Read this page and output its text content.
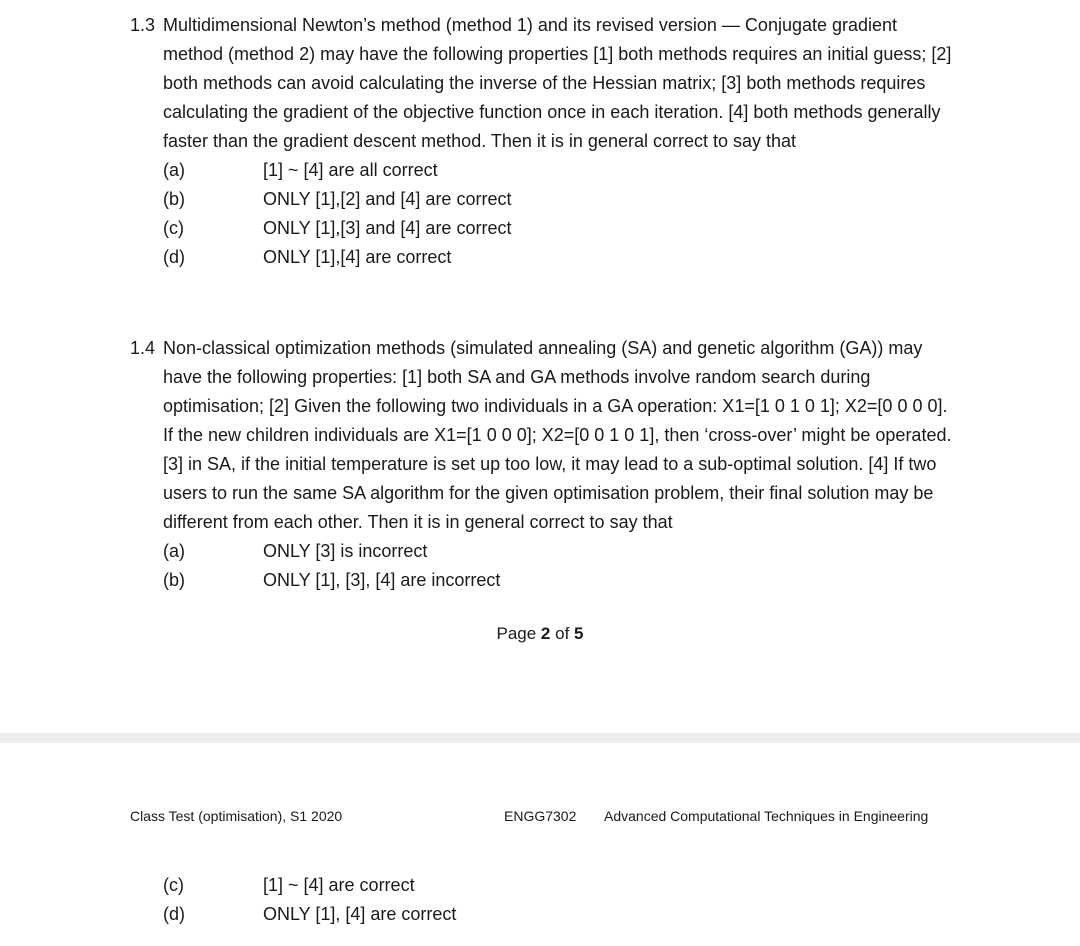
1.3 Multidimensional Newton’s method (method 1) and its revised version — Conjugate gradient method (method 2) may have the following properties [1] both methods requires an initial guess; [2] both methods can avoid calculating the inverse of the Hessian matrix; [3] both methods requires calculating the gradient of the objective function once in each iteration. [4] both methods generally faster than the gradient descent method. Then it is in general correct to say that
(a)	[1] ~ [4] are all correct
(b)	ONLY [1],[2] and [4] are correct
(c)	ONLY [1],[3] and [4] are correct
(d)	ONLY [1],[4] are correct
1.4 Non-classical optimization methods (simulated annealing (SA) and genetic algorithm (GA)) may have the following properties: [1] both SA and GA methods involve random search during optimisation; [2] Given the following two individuals in a GA operation: X1=[1 0 1 0 1]; X2=[0 0 0 0]. If the new children individuals are X1=[1 0 0 0]; X2=[0 0 1 0 1], then ‘cross-over’ might be operated. [3] in SA, if the initial temperature is set up too low, it may lead to a sub-optimal solution. [4] If two users to run the same SA algorithm for the given optimisation problem, their final solution may be different from each other. Then it is in general correct to say that
(a)	ONLY [3] is incorrect
(b)	ONLY [1], [3], [4] are incorrect
Page 2 of 5
Class Test (optimisation), S1 2020	ENGG7302 Advanced Computational Techniques in Engineering
(c)	[1] ~ [4] are correct
(d)	ONLY [1], [4] are correct
